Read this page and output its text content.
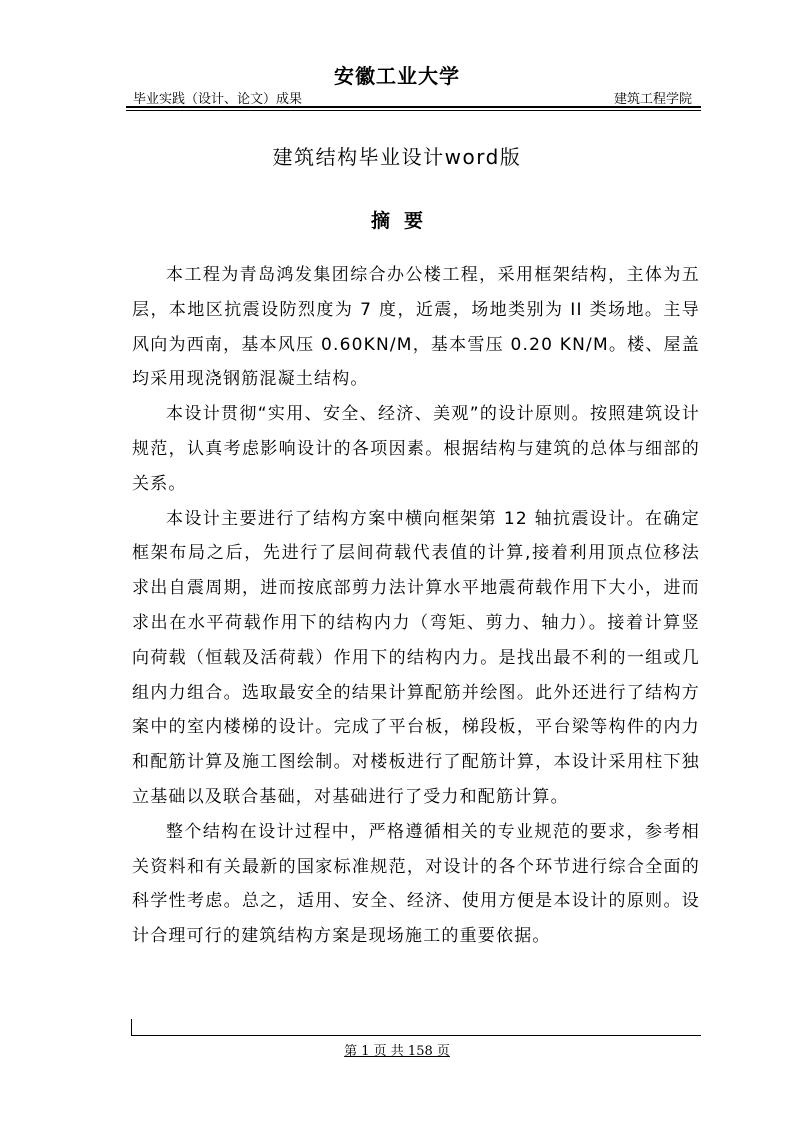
安徽工业大学
毕业实践（设计、论文）成果	建筑工程学院
建筑结构毕业设计word版
摘要

本工程为青岛鸿发集团综合办公楼工程，采用框架结构，主体为五层，本地区抗震设防烈度为 7 度，近震，场地类别为 II 类场地。主导风向为西南，基本风压 0.60KN/M，基本雪压 0.20 KN/M。楼、屋盖均采用现浇钢筋混凝土结构。

本设计贯彻“实用、安全、经济、美观”的设计原则。按照建筑设计规范，认真考虑影响设计的各项因素。根据结构与建筑的总体与细部的关系。

本设计主要进行了结构方案中横向框架第 12 轴抗震设计。在确定框架布局之后，先进行了层间荷载代表值的计算,接着利用顶点位移法求出自震周期，进而按底部剪力法计算水平地震荷载作用下大小，进而求出在水平荷载作用下的结构内力（弯矩、剪力、轴力）。接着计算竖向荷载（恒载及活荷载）作用下的结构内力。是找出最不利的一组或几组内力组合。选取最安全的结果计算配筋并绘图。此外还进行了结构方案中的室内楼梯的设计。完成了平台板，梯段板，平台梁等构件的内力和配筋计算及施工图绘制。对楼板进行了配筋计算，本设计采用柱下独立基础以及联合基础，对基础进行了受力和配筋计算。

整个结构在设计过程中，严格遵循相关的专业规范的要求，参考相关资料和有关最新的国家标准规范，对设计的各个环节进行综合全面的科学性考虑。总之，适用、安全、经济、使用方便是本设计的原则。设计合理可行的建筑结构方案是现场施工的重要依据。

第 1 页 共 158 页
